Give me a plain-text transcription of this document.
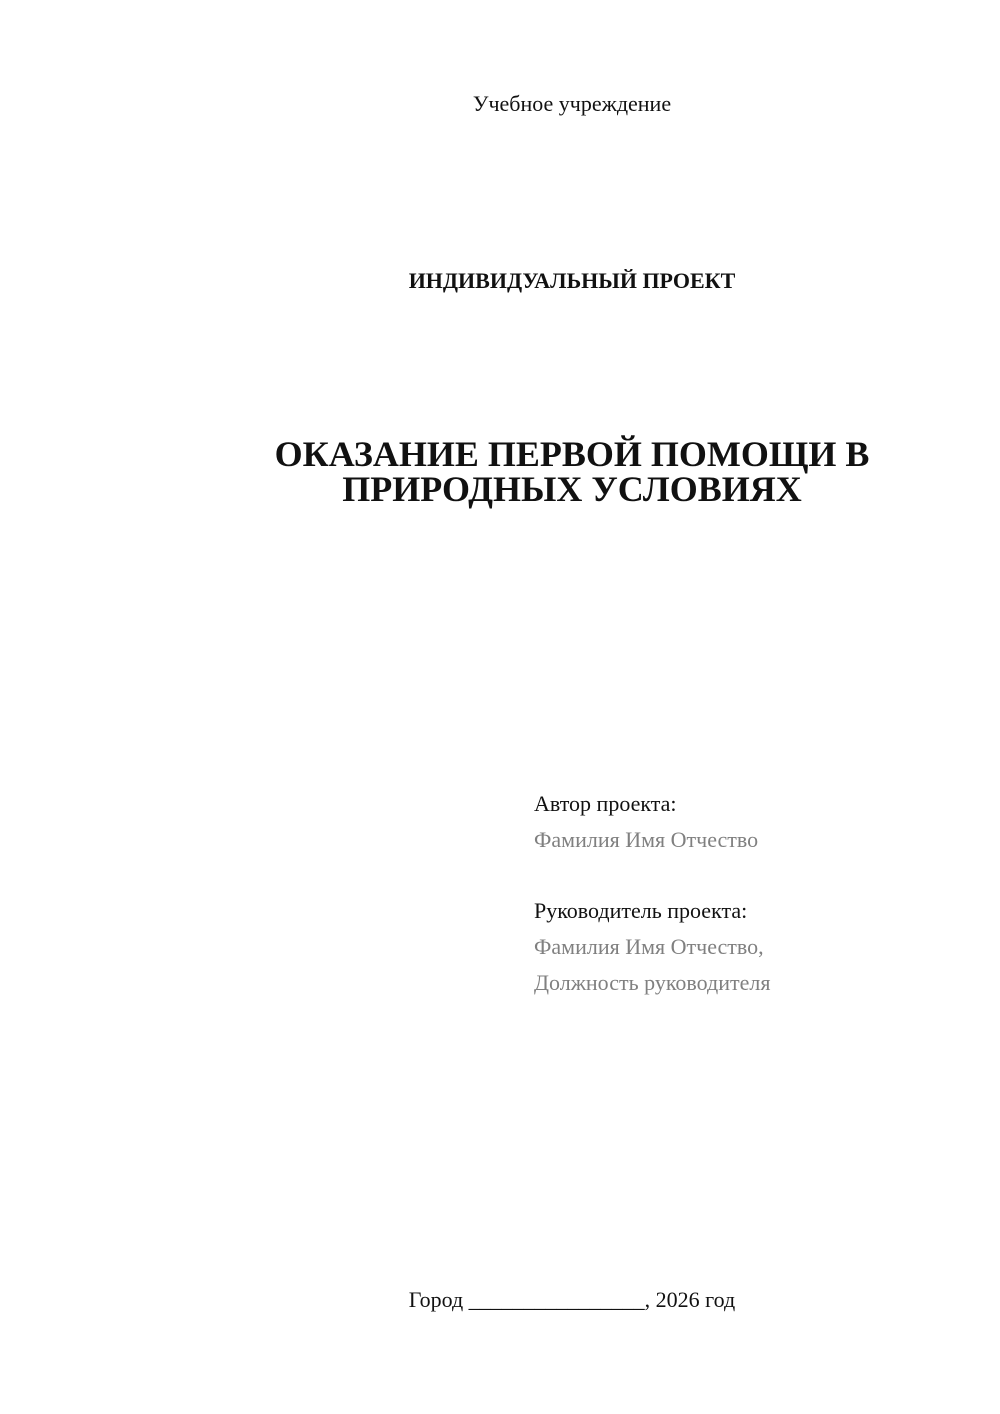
Учебное учреждение
ИНДИВИДУАЛЬНЫЙ ПРОЕКТ
ОКАЗАНИЕ ПЕРВОЙ ПОМОЩИ В
ПРИРОДНЫХ УСЛОВИЯХ
Автор проекта:
Фамилия Имя Отчество
Руководитель проекта:
Фамилия Имя Отчество,
Должность руководителя
Город ________________, 2026 год
